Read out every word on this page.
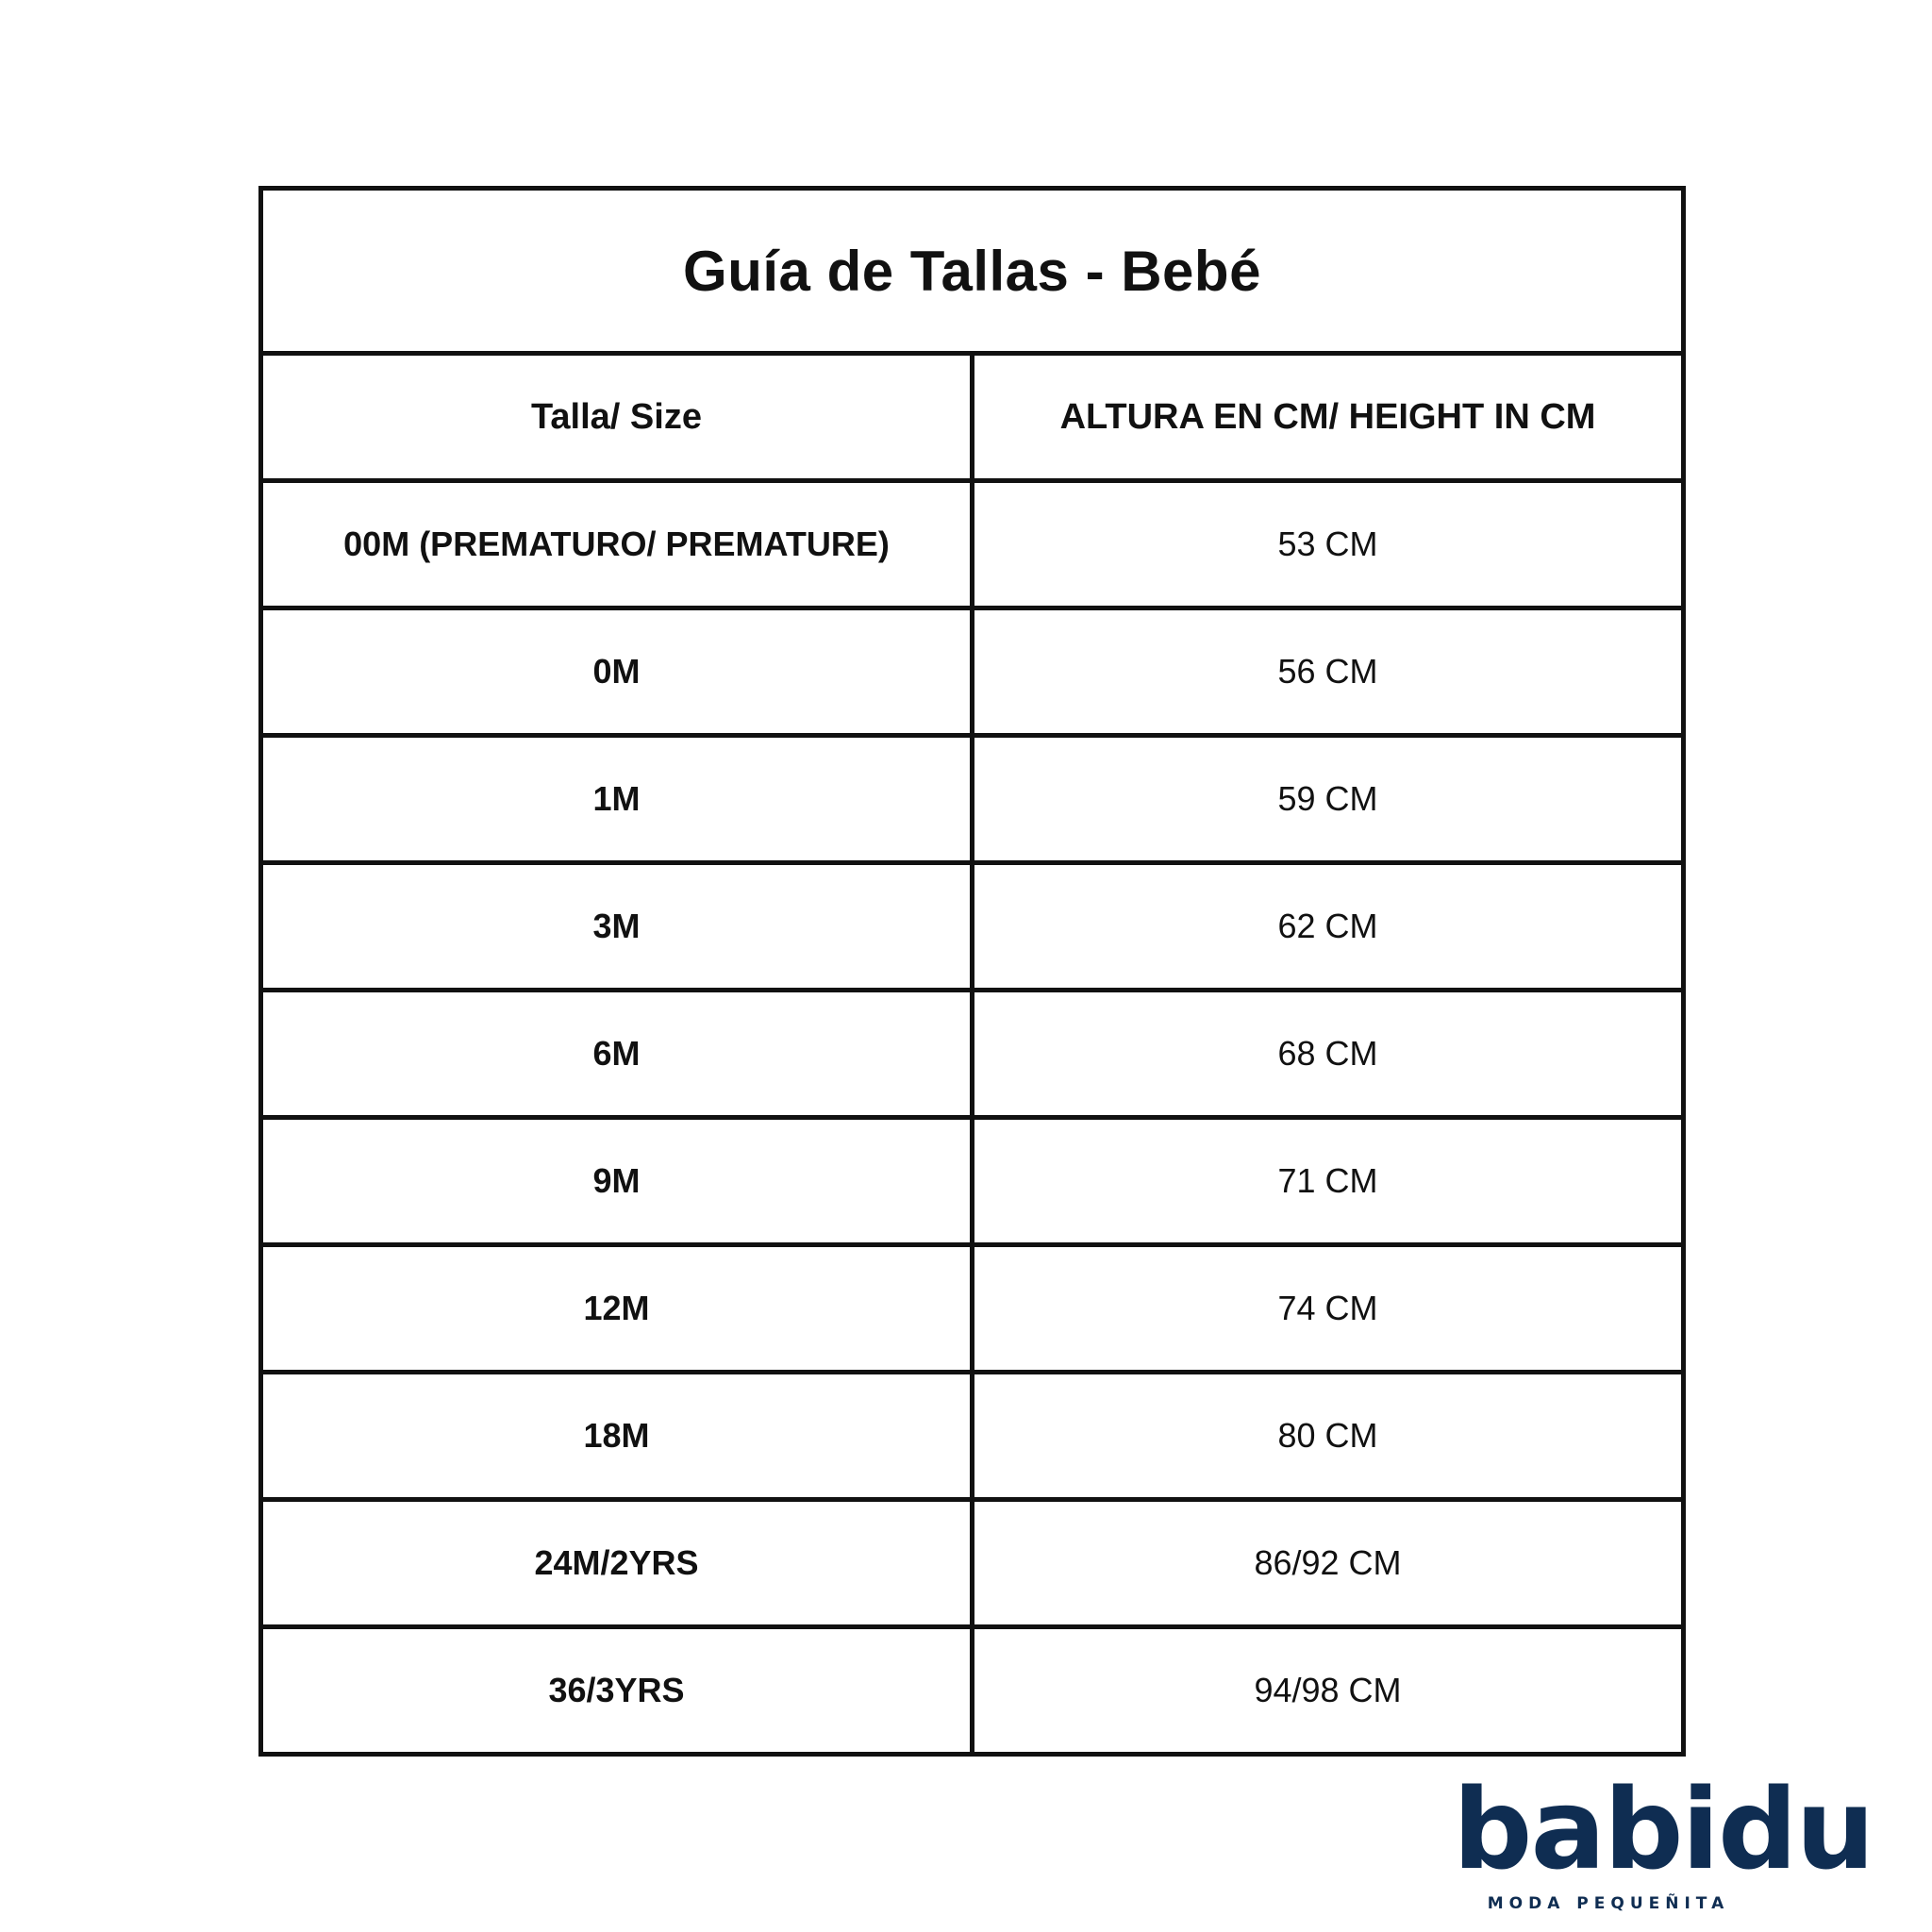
Guía de Tallas - Bebé	
Talla/ Size	ALTURA EN CM/ HEIGHT IN CM
00M (PREMATURO/ PREMATURE)	53 CM
0M	56 CM
1M	59 CM
3M	62 CM
6M	68 CM
9M	71 CM
12M	74 CM
18M	80 CM
24M/2YRS	86/92 CM
36/3YRS	94/98 CM
babidu
MODA PEQUEÑITA
